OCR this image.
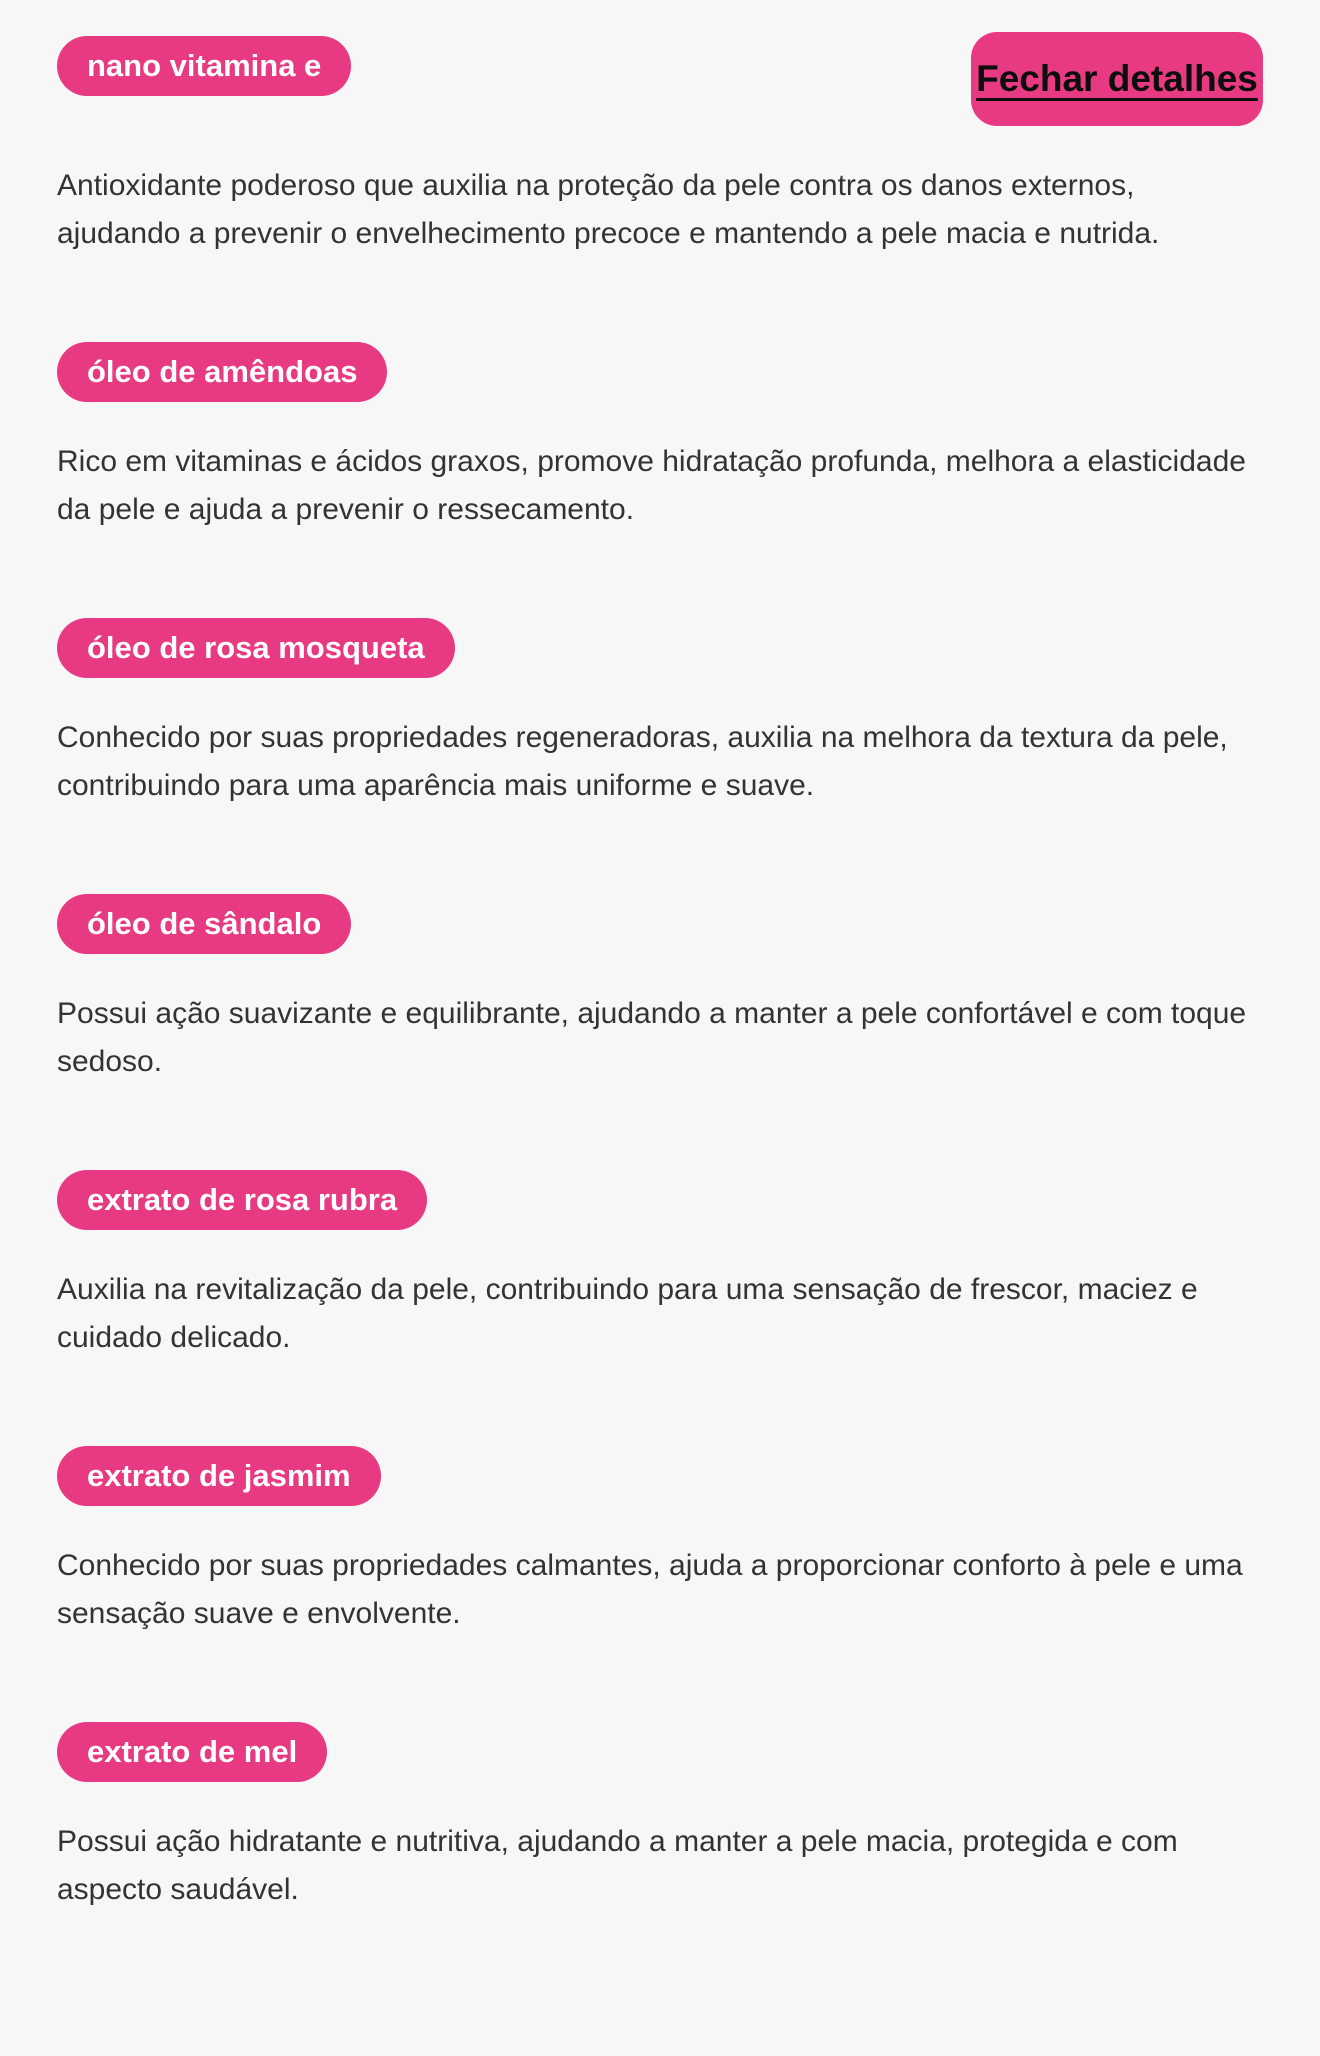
nano vitamina e	Fechar detalhes

Antioxidante poderoso que auxilia na proteção da pele contra os danos externos, ajudando a prevenir o envelhecimento precoce e mantendo a pele macia e nutrida.

óleo de amêndoas

Rico em vitaminas e ácidos graxos, promove hidratação profunda, melhora a elasticidade da pele e ajuda a prevenir o ressecamento.

óleo de rosa mosqueta

Conhecido por suas propriedades regeneradoras, auxilia na melhora da textura da pele, contribuindo para uma aparência mais uniforme e suave.

óleo de sândalo

Possui ação suavizante e equilibrante, ajudando a manter a pele confortável e com toque sedoso.

extrato de rosa rubra

Auxilia na revitalização da pele, contribuindo para uma sensação de frescor, maciez e cuidado delicado.

extrato de jasmim

Conhecido por suas propriedades calmantes, ajuda a proporcionar conforto à pele e uma sensação suave e envolvente.

extrato de mel

Possui ação hidratante e nutritiva, ajudando a manter a pele macia, protegida e com aspecto saudável.
